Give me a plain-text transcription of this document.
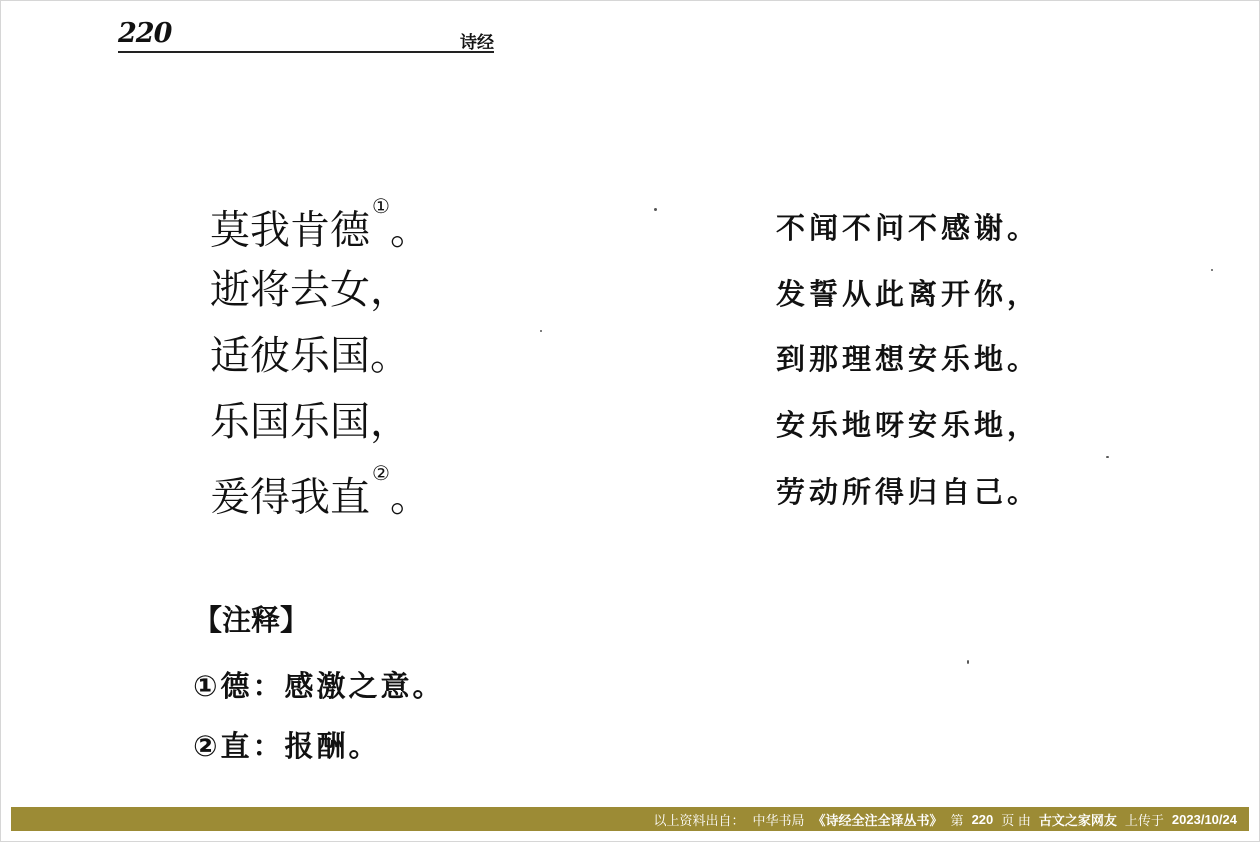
220	诗经
莫我肯德①。
逝将去女，
适彼乐国。
乐国乐国，
爰得我直②。
不闻不问不感谢。
发誓从此离开你，
到那理想安乐地。
安乐地呀安乐地，
劳动所得归自己。
【注释】
①德：感激之意。
②直：报酬。
以上资料出自： 中华书局 《诗经全注全译丛书》 第 220 页 由 古文之家网友 上传于 2023/10/24
